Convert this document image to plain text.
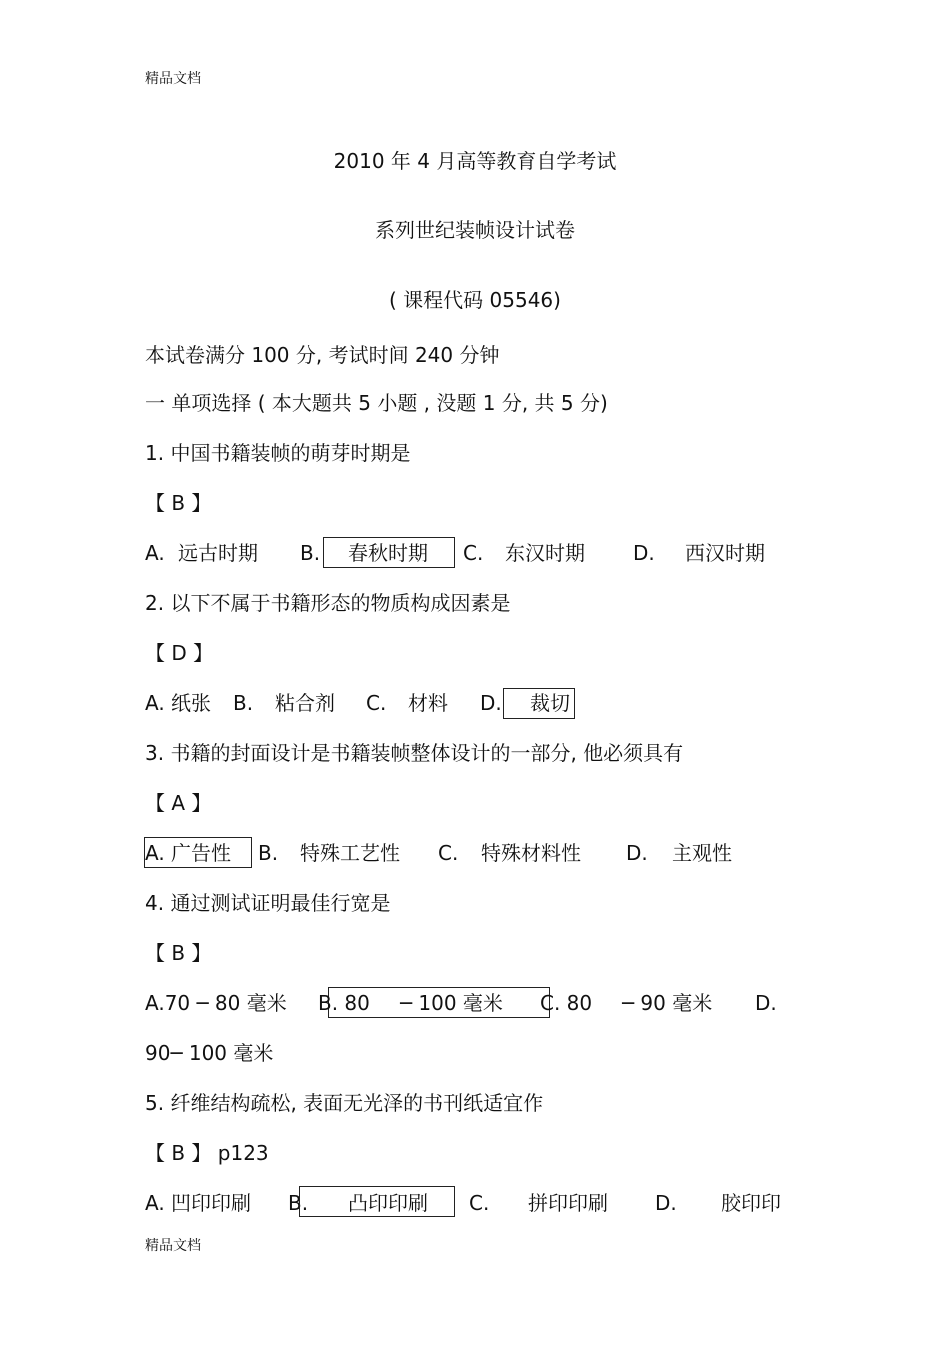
精品文档
2010 年 4 月高等教育自学考试
系列世纪装帧设计试卷
( 课程代码 05546)
本试卷满分 100 分, 考试时间 240 分钟
一 单项选择 ( 本大题共 5 小题 , 没题 1 分, 共 5 分)
1. 中国书籍装帧的萌芽时期是
【 B 】
A. 远古时期 B. 春秋时期 C. 东汉时期 D. 西汉时期
2. 以下不属于书籍形态的物质构成因素是
【 D 】
A. 纸张 B. 粘合剂 C. 材料 D. 裁切
3. 书籍的封面设计是书籍装帧整体设计的一部分, 他必须具有
【 A 】
A. 广告性 B. 特殊工艺性 C. 特殊材料性 D. 主观性
4. 通过测试证明最佳行宽是
【 B 】
A.70 ─ 80 毫米 B. 80 ─ 100 毫米 C. 80 ─ 90 毫米 D.
90─ 100 毫米
5. 纤维结构疏松, 表面无光泽的书刊纸适宜作
【 B 】 p123
A. 凹印印刷 B. 凸印印刷 C. 拼印印刷 D. 胶印印
精品文档
